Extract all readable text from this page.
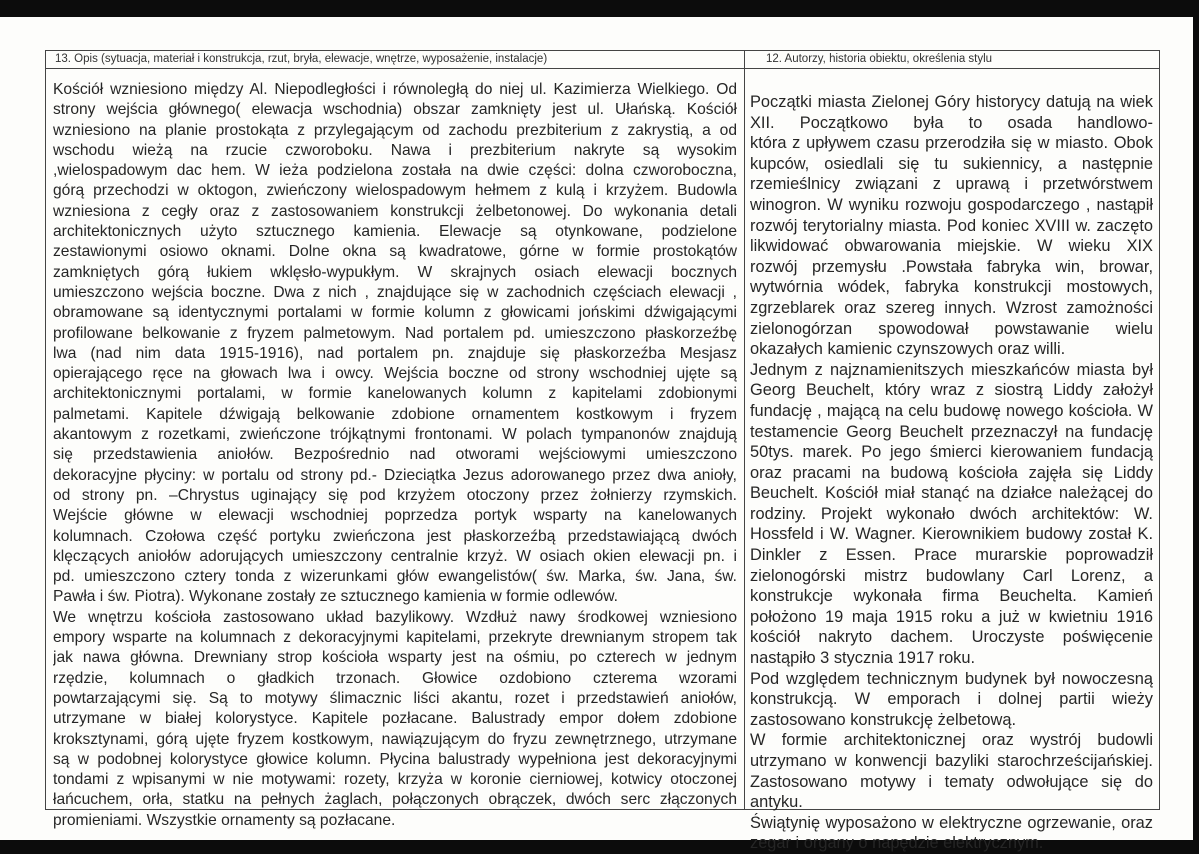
13. Opis (sytuacja, materiał i konstrukcja, rzut, bryła, elewacje, wnętrze, wyposażenie, instalacje)
Kościół wzniesiono między Al. Niepodległości i równoległą do niej ul. Kazimierza Wielkiego. Od
strony wejścia głównego( elewacja wschodnia) obszar zamknięty jest ul. Ułańską. Kościół
wzniesiono na planie prostokąta z przylegającym od zachodu prezbiterium z zakrystią, a od
wschodu wieżą na rzucie czworoboku. Nawa i prezbiterium nakryte są wysokim
,wielospadowym dac hem. W ieża podzielona została na dwie części: dolna czworoboczna,
górą przechodzi w oktogon, zwieńczony wielospadowym hełmem z kulą i krzyżem. Budowla
wzniesiona z cegły oraz z zastosowaniem konstrukcji żelbetonowej. Do wykonania detali
architektonicznych użyto sztucznego kamienia. Elewacje są otynkowane, podzielone
zestawionymi osiowo oknami. Dolne okna są kwadratowe, górne w formie prostokątów
zamkniętych górą łukiem wklęsło-wypukłym. W skrajnych osiach elewacji bocznych
umieszczono wejścia boczne. Dwa z nich , znajdujące się w zachodnich częściach elewacji ,
obramowane są identycznymi portalami w formie kolumn z głowicami jońskimi dźwigającymi
profilowane belkowanie z fryzem palmetowym. Nad portalem pd. umieszczono płaskorzeźbę
lwa (nad nim data 1915-1916), nad portalem pn. znajduje się płaskorzeźba Mesjasz
opierającego ręce na głowach lwa i owcy. Wejścia boczne od strony wschodniej ujęte są
architektonicznymi portalami, w formie kanelowanych kolumn z kapitelami zdobionymi
palmetami. Kapitele dźwigają belkowanie zdobione ornamentem kostkowym i fryzem
akantowym z rozetkami, zwieńczone trójkątnymi frontonami. W polach tympanonów znajdują
się przedstawienia aniołów. Bezpośrednio nad otworami wejściowymi umieszczono
dekoracyjne płyciny: w portalu od strony pd.- Dzieciątka Jezus adorowanego przez dwa anioły,
od strony pn. –Chrystus uginający się pod krzyżem otoczony przez żołnierzy rzymskich.
Wejście główne w elewacji wschodniej poprzedza portyk wsparty na kanelowanych
kolumnach. Czołowa część portyku zwieńczona jest płaskorzeźbą przedstawiającą dwóch
klęczących aniołów adorujących umieszczony centralnie krzyż. W osiach okien elewacji pn. i
pd. umieszczono cztery tonda z wizerunkami głów ewangelistów( św. Marka, św. Jana, św.
Pawła i św. Piotra). Wykonane zostały ze sztucznego kamienia w formie odlewów.
We wnętrzu kościoła zastosowano układ bazylikowy. Wzdłuż nawy środkowej wzniesiono
empory wsparte na kolumnach z dekoracyjnymi kapitelami, przekryte drewnianym stropem tak
jak nawa główna. Drewniany strop kościoła wsparty jest na ośmiu, po czterech w jednym
rzędzie, kolumnach o gładkich trzonach. Głowice ozdobiono czterema wzorami
powtarzającymi się. Są to motywy ślimacznic liści akantu, rozet i przedstawień aniołów,
utrzymane w białej kolorystyce. Kapitele pozłacane. Balustrady empor dołem zdobione
kroksztynami, górą ujęte fryzem kostkowym, nawiązującym do fryzu zewnętrznego, utrzymane
są w podobnej kolorystyce głowice kolumn. Płycina balustrady wypełniona jest dekoracyjnymi
tondami z wpisanymi w nie motywami: rozety, krzyża w koronie cierniowej, kotwicy otoczonej
łańcuchem, orła, statku na pełnych żaglach, połączonych obrączek, dwóch serc złączonych
promieniami. Wszystkie ornamenty są pozłacane.
12. Autorzy, historia obiektu, określenia stylu
Początki miasta Zielonej Góry historycy datują na wiek
XII. Początkowo była to osada handlowo-
która z upływem czasu przerodziła się w miasto. Obok
kupców, osiedlali się tu sukiennicy, a następnie
rzemieślnicy związani z uprawą i przetwórstwem
winogron. W wyniku rozwoju gospodarczego , nastąpił
rozwój terytorialny miasta. Pod koniec XVIII w. zaczęto
likwidować obwarowania miejskie. W wieku XIX
rozwój przemysłu .Powstała fabryka win, browar,
wytwórnia wódek, fabryka konstrukcji mostowych,
zgrzeblarek oraz szereg innych. Wzrost zamożności
zielonogórzan spowodował powstawanie wielu
okazałych kamienic czynszowych oraz willi.
Jednym z najznamienitszych mieszkańców miasta był
Georg Beuchelt, który wraz z siostrą Liddy założył
fundację , mającą na celu budowę nowego kościoła. W
testamencie Georg Beuchelt przeznaczył na fundację
50tys. marek. Po jego śmierci kierowaniem fundacją
oraz pracami na budową kościoła zajęła się Liddy
Beuchelt. Kościół miał stanąć na działce należącej do
rodziny. Projekt wykonało dwóch architektów: W.
Hossfeld i W. Wagner. Kierownikiem budowy został K.
Dinkler z Essen. Prace murarskie poprowadził
zielonogórski mistrz budowlany Carl Lorenz, a
konstrukcje wykonała firma Beuchelta. Kamień
położono 19 maja 1915 roku a już w kwietniu 1916
kościół nakryto dachem. Uroczyste poświęcenie
nastąpiło 3 stycznia 1917 roku.
Pod względem technicznym budynek był nowoczesną
konstrukcją. W emporach i dolnej partii wieży
zastosowano konstrukcję żelbetową.
W formie architektonicznej oraz wystrój budowli
utrzymano w konwencji bazyliki starochrześcijańskiej.
Zastosowano motywy i tematy odwołujące się do
antyku.
Świątynię wyposażono w elektryczne ogrzewanie, oraz
zegar i organy o napędzie elektrycznym.
